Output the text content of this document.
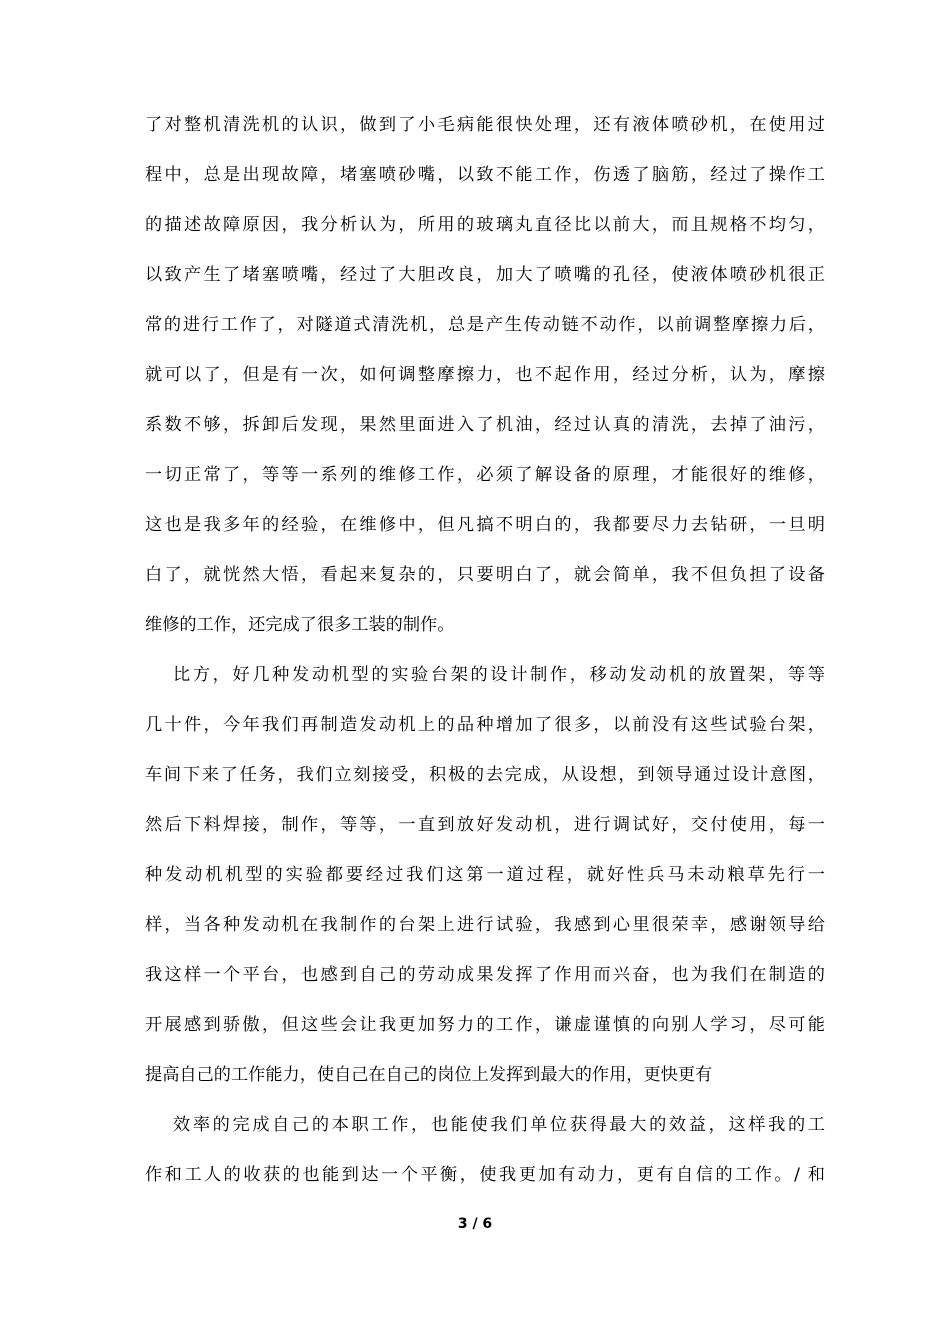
了对整机清洗机的认识，做到了小毛病能很快处理，还有液体喷砂机，在使用过
程中，总是出现故障，堵塞喷砂嘴，以致不能工作，伤透了脑筋，经过了操作工
的描述故障原因，我分析认为，所用的玻璃丸直径比以前大，而且规格不均匀，
以致产生了堵塞喷嘴，经过了大胆改良，加大了喷嘴的孔径，使液体喷砂机很正
常的进行工作了，对隧道式清洗机，总是产生传动链不动作，以前调整摩擦力后，
就可以了，但是有一次，如何调整摩擦力，也不起作用，经过分析，认为，摩擦
系数不够，拆卸后发现，果然里面进入了机油，经过认真的清洗，去掉了油污，
一切正常了，等等一系列的维修工作，必须了解设备的原理，才能很好的维修，
这也是我多年的经验，在维修中，但凡搞不明白的，我都要尽力去钻研，一旦明
白了，就恍然大悟，看起来复杂的，只要明白了，就会简单，我不但负担了设备
维修的工作，还完成了很多工装的制作。
比方，好几种发动机型的实验台架的设计制作，移动发动机的放置架，等等
几十件，今年我们再制造发动机上的品种增加了很多，以前没有这些试验台架，
车间下来了任务，我们立刻接受，积极的去完成，从设想，到领导通过设计意图，
然后下料焊接，制作，等等，一直到放好发动机，进行调试好，交付使用，每一
种发动机机型的实验都要经过我们这第一道过程，就好性兵马未动粮草先行一
样，当各种发动机在我制作的台架上进行试验，我感到心里很荣幸，感谢领导给
我这样一个平台，也感到自己的劳动成果发挥了作用而兴奋，也为我们在制造的
开展感到骄傲，但这些会让我更加努力的工作，谦虚谨慎的向别人学习，尽可能
提高自己的工作能力，使自己在自己的岗位上发挥到最大的作用，更快更有
效率的完成自己的本职工作，也能使我们单位获得最大的效益，这样我的工
作和工人的收获的也能到达一个平衡，使我更加有动力，更有自信的工作。/ 和
3 / 6
